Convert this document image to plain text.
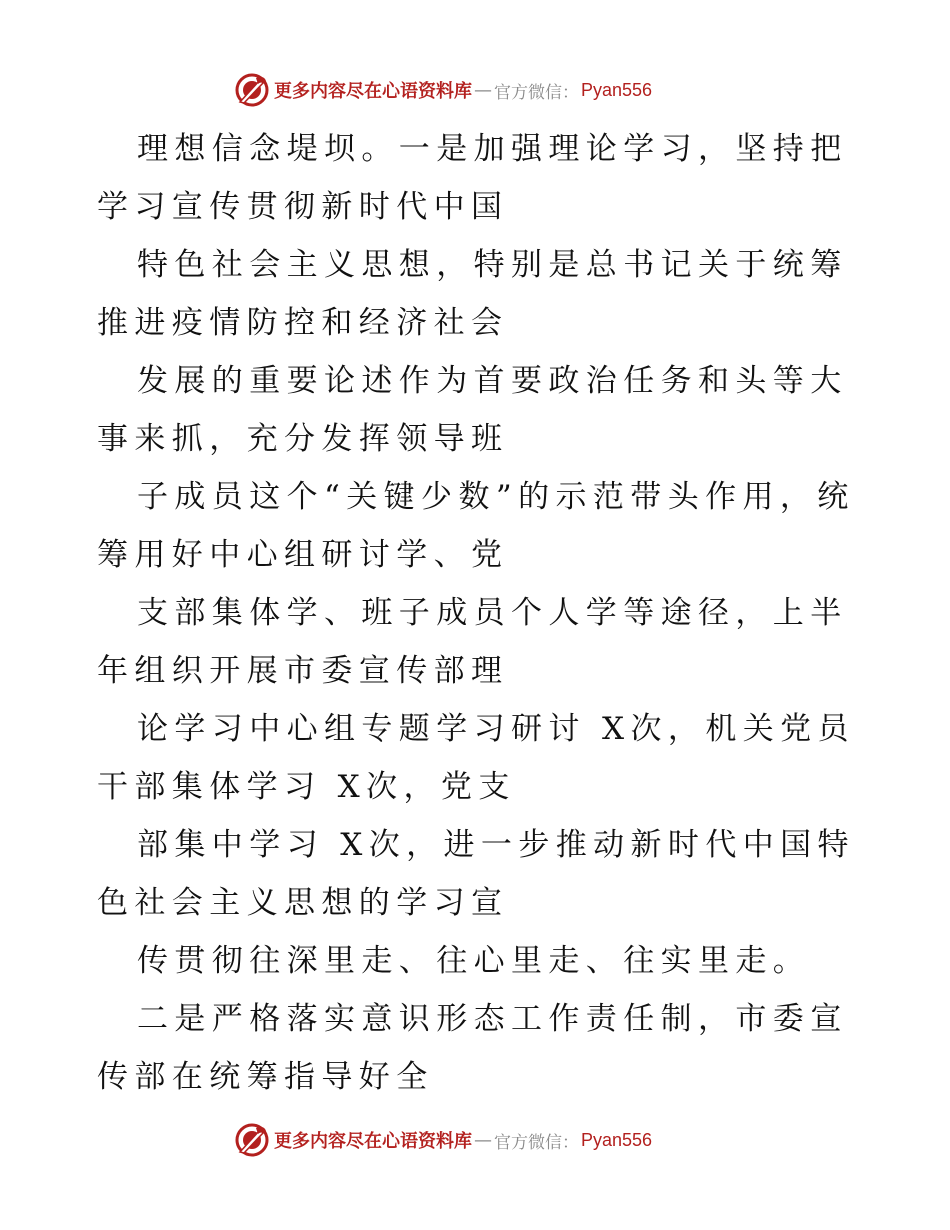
更多内容尽在心语资料库 — 官方微信： Pyan556

理想信念堤坝。一是加强理论学习，坚持把学习宣传贯彻新时代中国

特色社会主义思想，特别是总书记关于统筹推进疫情防控和经济社会

发展的重要论述作为首要政治任务和头等大事来抓，充分发挥领导班

子成员这个“关键少数”的示范带头作用，统筹用好中心组研讨学、党

支部集体学、班子成员个人学等途径，上半年组织开展市委宣传部理

论学习中心组专题学习研讨 X次，机关党员干部集体学习 X次，党支

部集中学习 X次，进一步推动新时代中国特色社会主义思想的学习宣

传贯彻往深里走、往心里走、往实里走。

二是严格落实意识形态工作责任制，市委宣传部在统筹指导好全

更多内容尽在心语资料库 — 官方微信： Pyan556
